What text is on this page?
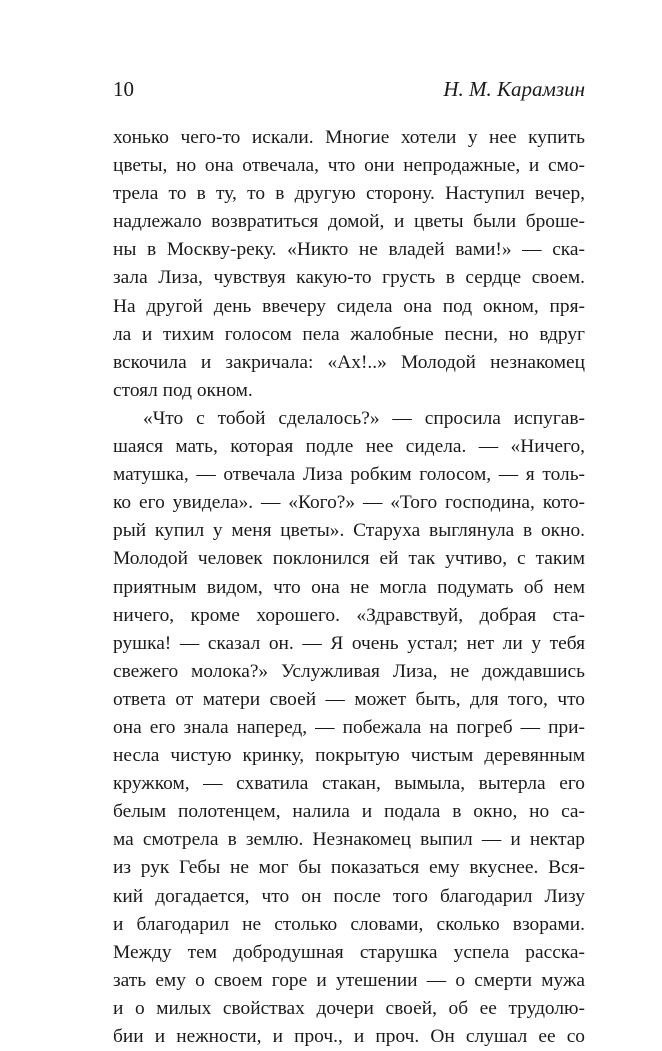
10	Н. М. Карамзин
хонько чего-то искали. Многие хотели у нее купить
цветы, но она отвечала, что они непродажные, и смо-
трела то в ту, то в другую сторону. Наступил вечер,
надлежало возвратиться домой, и цветы были броше-
ны в Москву-реку. «Никто не владей вами!» — ска-
зала Лиза, чувствуя какую-то грусть в сердце своем.
На другой день ввечеру сидела она под окном, пря-
ла и тихим голосом пела жалобные песни, но вдруг
вскочила и закричала: «Ах!..» Молодой незнакомец
стоял под окном.
«Что с тобой сделалось?» — спросила испугав-
шаяся мать, которая подле нее сидела. — «Ничего,
матушка, — отвечала Лиза робким голосом, — я толь-
ко его увидела». — «Кого?» — «Того господина, кото-
рый купил у меня цветы». Старуха выглянула в окно.
Молодой человек поклонился ей так учтиво, с таким
приятным видом, что она не могла подумать об нем
ничего, кроме хорошего. «Здравствуй, добрая ста-
рушка! — сказал он. — Я очень устал; нет ли у тебя
свежего молока?» Услужливая Лиза, не дождавшись
ответа от матери своей — может быть, для того, что
она его знала наперед, — побежала на погреб — при-
несла чистую кринку, покрытую чистым деревянным
кружком, — схватила стакан, вымыла, вытерла его
белым полотенцем, налила и подала в окно, но са-
ма смотрела в землю. Незнакомец выпил — и нектар
из рук Гебы не мог бы показаться ему вкуснее. Вся-
кий догадается, что он после того благодарил Лизу
и благодарил не столько словами, сколько взорами.
Между тем добродушная старушка успела расска-
зать ему о своем горе и утешении — о смерти мужа
и о милых свойствах дочери своей, об ее трудолю-
бии и нежности, и проч., и проч. Он слушал ее со
